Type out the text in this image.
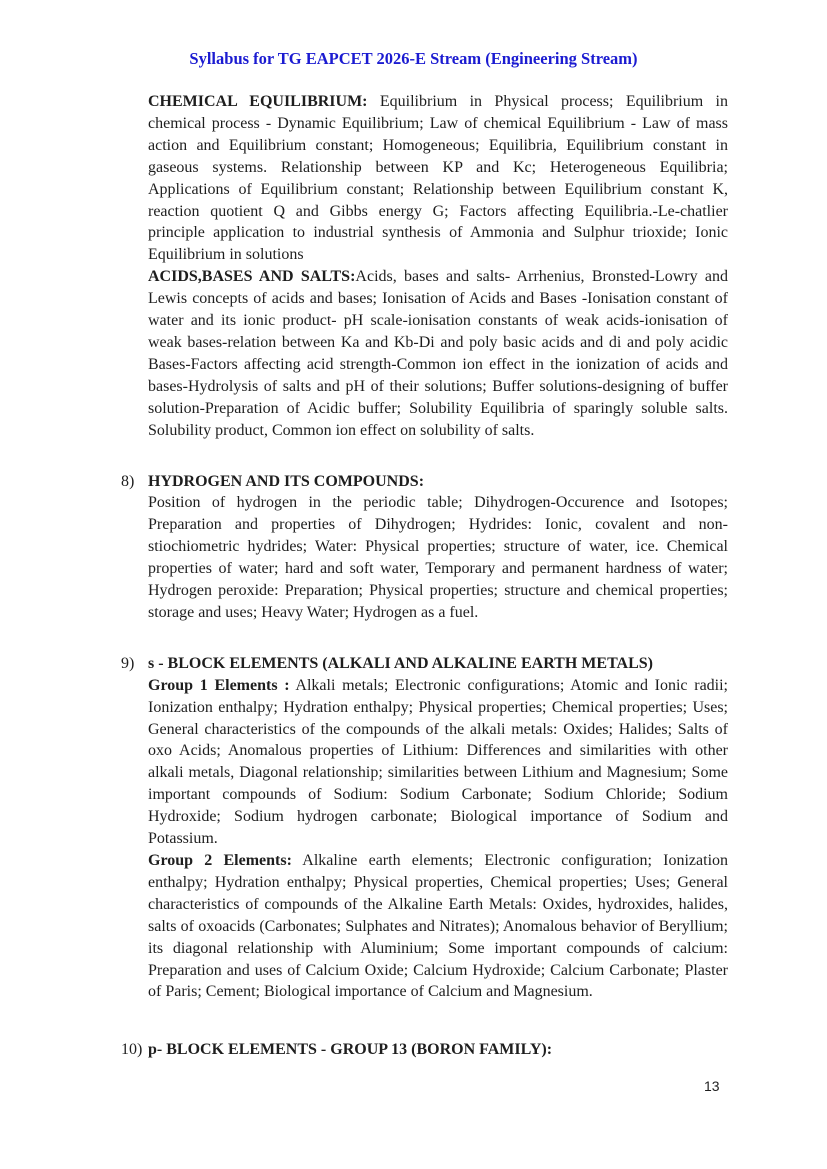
Syllabus for TG EAPCET 2026-E Stream (Engineering Stream)

CHEMICAL EQUILIBRIUM: Equilibrium in Physical process; Equilibrium in chemical process - Dynamic Equilibrium; Law of chemical Equilibrium - Law of mass action and Equilibrium constant; Homogeneous; Equilibria, Equilibrium constant in gaseous systems. Relationship between KP and Kc; Heterogeneous Equilibria; Applications of Equilibrium constant; Relationship between Equilibrium constant K, reaction quotient Q and Gibbs energy G; Factors affecting Equilibria.-Le-chatlier principle application to industrial synthesis of Ammonia and Sulphur trioxide; Ionic Equilibrium in solutions

ACIDS,BASES AND SALTS:Acids, bases and salts- Arrhenius, Bronsted-Lowry and Lewis concepts of acids and bases; Ionisation of Acids and Bases -Ionisation constant of water and its ionic product- pH scale-ionisation constants of weak acids-ionisation of weak bases-relation between Ka and Kb-Di and poly basic acids and di and poly acidic Bases-Factors affecting acid strength-Common ion effect in the ionization of acids and bases-Hydrolysis of salts and pH of their solutions; Buffer solutions-designing of buffer solution-Preparation of Acidic buffer; Solubility Equilibria of sparingly soluble salts. Solubility product, Common ion effect on solubility of salts.

8) HYDROGEN AND ITS COMPOUNDS:

Position of hydrogen in the periodic table; Dihydrogen-Occurence and Isotopes; Preparation and properties of Dihydrogen; Hydrides: Ionic, covalent and non-stiochiometric hydrides; Water: Physical properties; structure of water, ice. Chemical properties of water; hard and soft water, Temporary and permanent hardness of water; Hydrogen peroxide: Preparation; Physical properties; structure and chemical properties; storage and uses; Heavy Water; Hydrogen as a fuel.

9) s - BLOCK ELEMENTS (ALKALI AND ALKALINE EARTH METALS)

Group 1 Elements : Alkali metals; Electronic configurations; Atomic and Ionic radii; Ionization enthalpy; Hydration enthalpy; Physical properties; Chemical properties; Uses; General characteristics of the compounds of the alkali metals: Oxides; Halides; Salts of oxo Acids; Anomalous properties of Lithium: Differences and similarities with other alkali metals, Diagonal relationship; similarities between Lithium and Magnesium; Some important compounds of Sodium: Sodium Carbonate; Sodium Chloride; Sodium Hydroxide; Sodium hydrogen carbonate; Biological importance of Sodium and Potassium.

Group 2 Elements: Alkaline earth elements; Electronic configuration; Ionization enthalpy; Hydration enthalpy; Physical properties, Chemical properties; Uses; General characteristics of compounds of the Alkaline Earth Metals: Oxides, hydroxides, halides, salts of oxoacids (Carbonates; Sulphates and Nitrates); Anomalous behavior of Beryllium; its diagonal relationship with Aluminium; Some important compounds of calcium: Preparation and uses of Calcium Oxide; Calcium Hydroxide; Calcium Carbonate; Plaster of Paris; Cement; Biological importance of Calcium and Magnesium.

10) p- BLOCK ELEMENTS - GROUP 13 (BORON FAMILY):
13
